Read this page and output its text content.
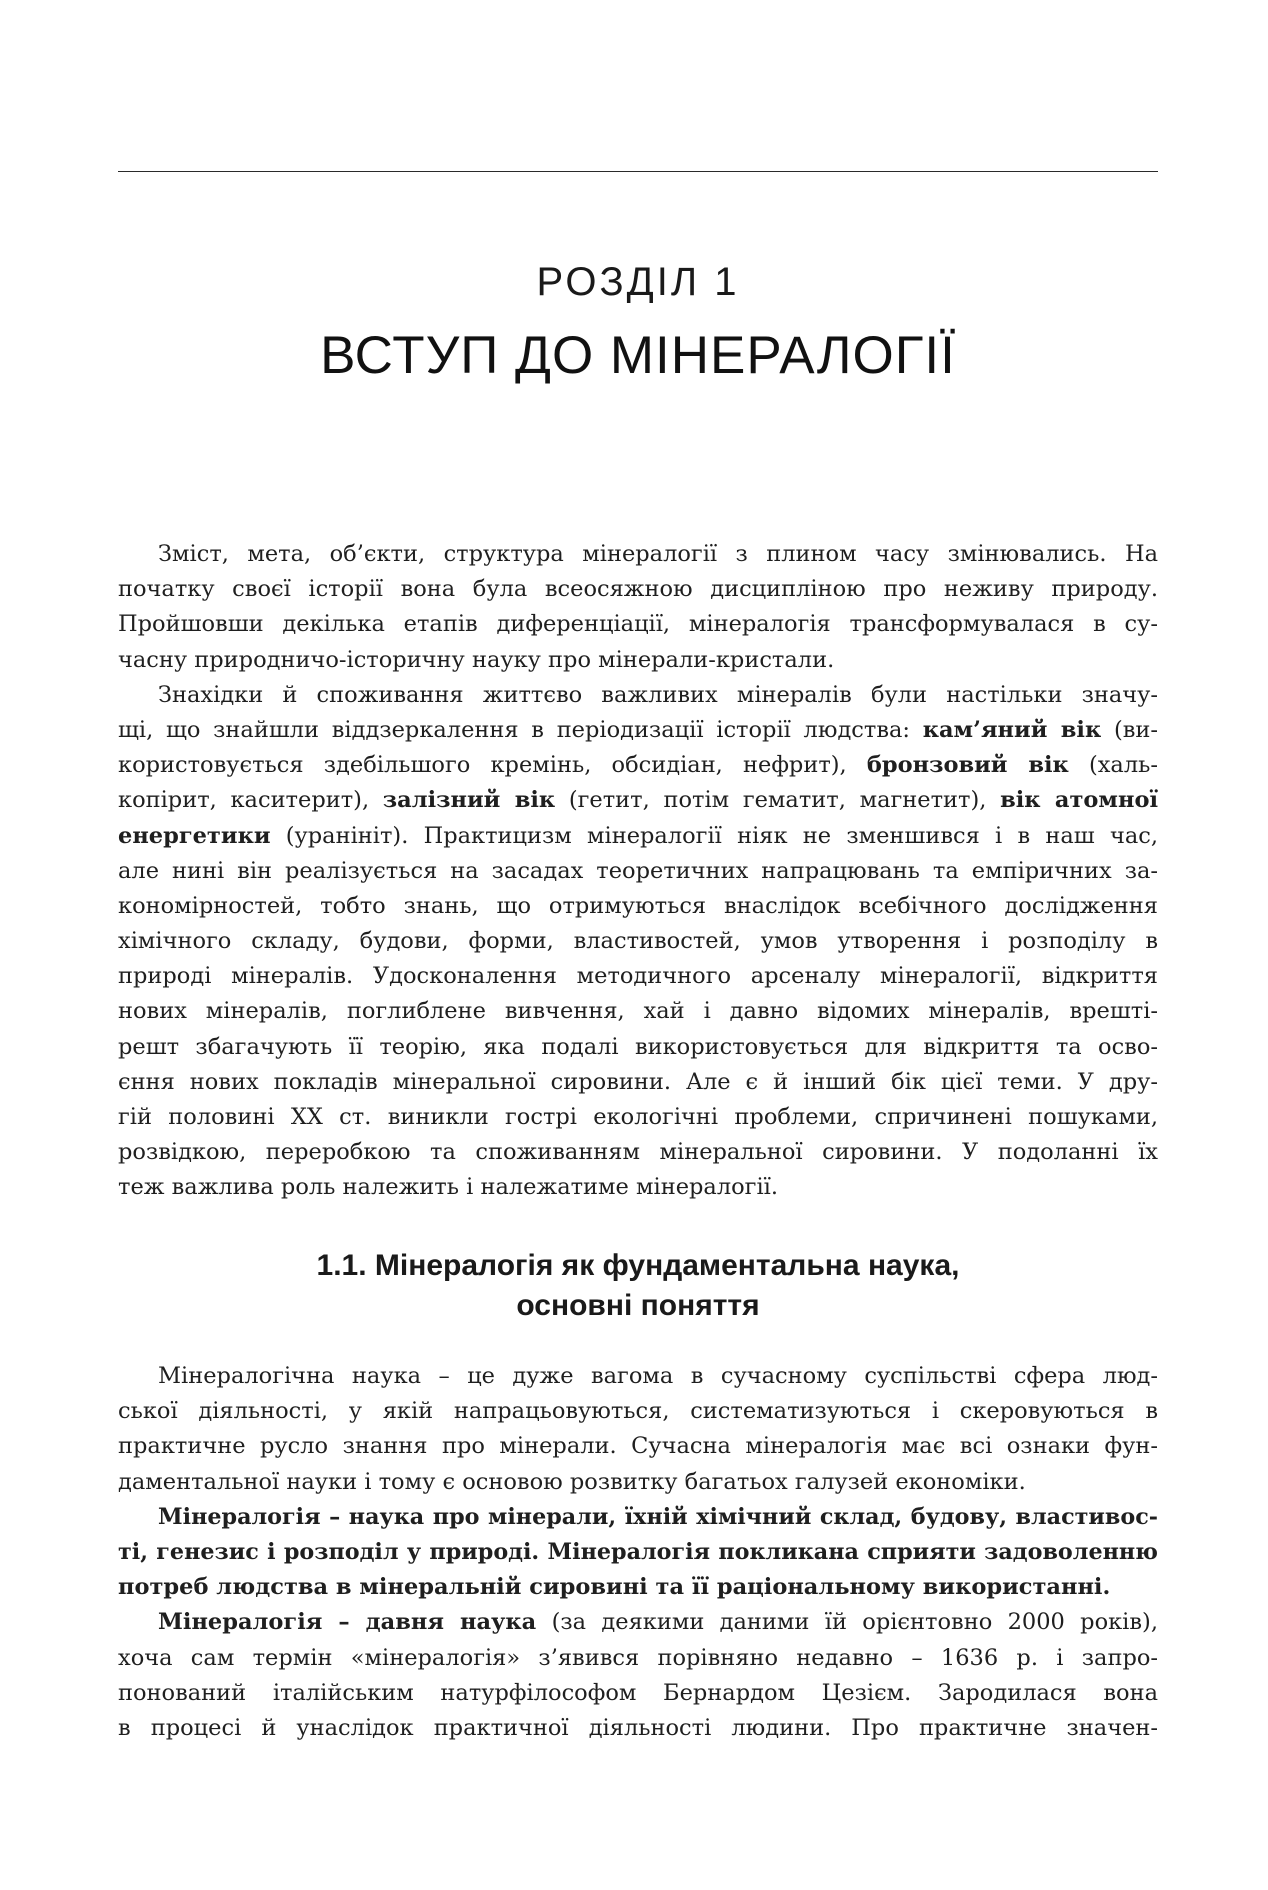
РОЗДІЛ 1
ВСТУП ДО МІНЕРАЛОГІЇ
Зміст, мета, об’єкти, структура мінералогії з плином часу змінювались. На
початку своєї історії вона була всеосяжною дисципліною про неживу природу.
Пройшовши декілька етапів диференціації, мінералогія трансформувалася в су-
часну природничо-історичну науку про мінерали-кристали.
Знахідки й споживання життєво важливих мінералів були настільки значу-
щі, що знайшли віддзеркалення в періодизації історії людства: кам’яний вік (ви-
користовується здебільшого кремінь, обсидіан, нефрит), бронзовий вік (халь-
копірит, каситерит), залізний вік (гетит, потім гематит, магнетит), вік атомної
енергетики (уранініт). Практицизм мінералогії ніяк не зменшився і в наш час,
але нині він реалізується на засадах теоретичних напрацювань та емпіричних за-
кономірностей, тобто знань, що отримуються внаслідок всебічного дослідження
хімічного складу, будови, форми, властивостей, умов утворення і розподілу в
природі мінералів. Удосконалення методичного арсеналу мінералогії, відкриття
нових мінералів, поглиблене вивчення, хай і давно відомих мінералів, врешті-
решт збагачують її теорію, яка подалі використовується для відкриття та осво-
єння нових покладів мінеральної сировини. Але є й інший бік цієї теми. У дру-
гій половині ХХ ст. виникли гострі екологічні проблеми, спричинені пошуками,
розвідкою, переробкою та споживанням мінеральної сировини. У подоланні їх
теж важлива роль належить і належатиме мінералогії.
1.1. Мінералогія як фундаментальна наука,
основні поняття
Мінералогічна наука – це дуже вагома в сучасному суспільстві сфера люд-
ської діяльності, у якій напрацьовуються, систематизуються і скеровуються в
практичне русло знання про мінерали. Сучасна мінералогія має всі ознаки фун-
даментальної науки і тому є основою розвитку багатьох галузей економіки.
Мінералогія – наука про мінерали, їхній хімічний склад, будову, властивос-
ті, генезис і розподіл у природі. Мінералогія покликана сприяти задоволенню
потреб людства в мінеральній сировині та її раціональному використанні.
Мінералогія – давня наука (за деякими даними їй орієнтовно 2000 років),
хоча сам термін «мінералогія» з’явився порівняно недавно – 1636 р. і запро-
понований італійським натурфілософом Бернардом Цезієм. Зародилася вона
в процесі й унаслідок практичної діяльності людини. Про практичне значен-
